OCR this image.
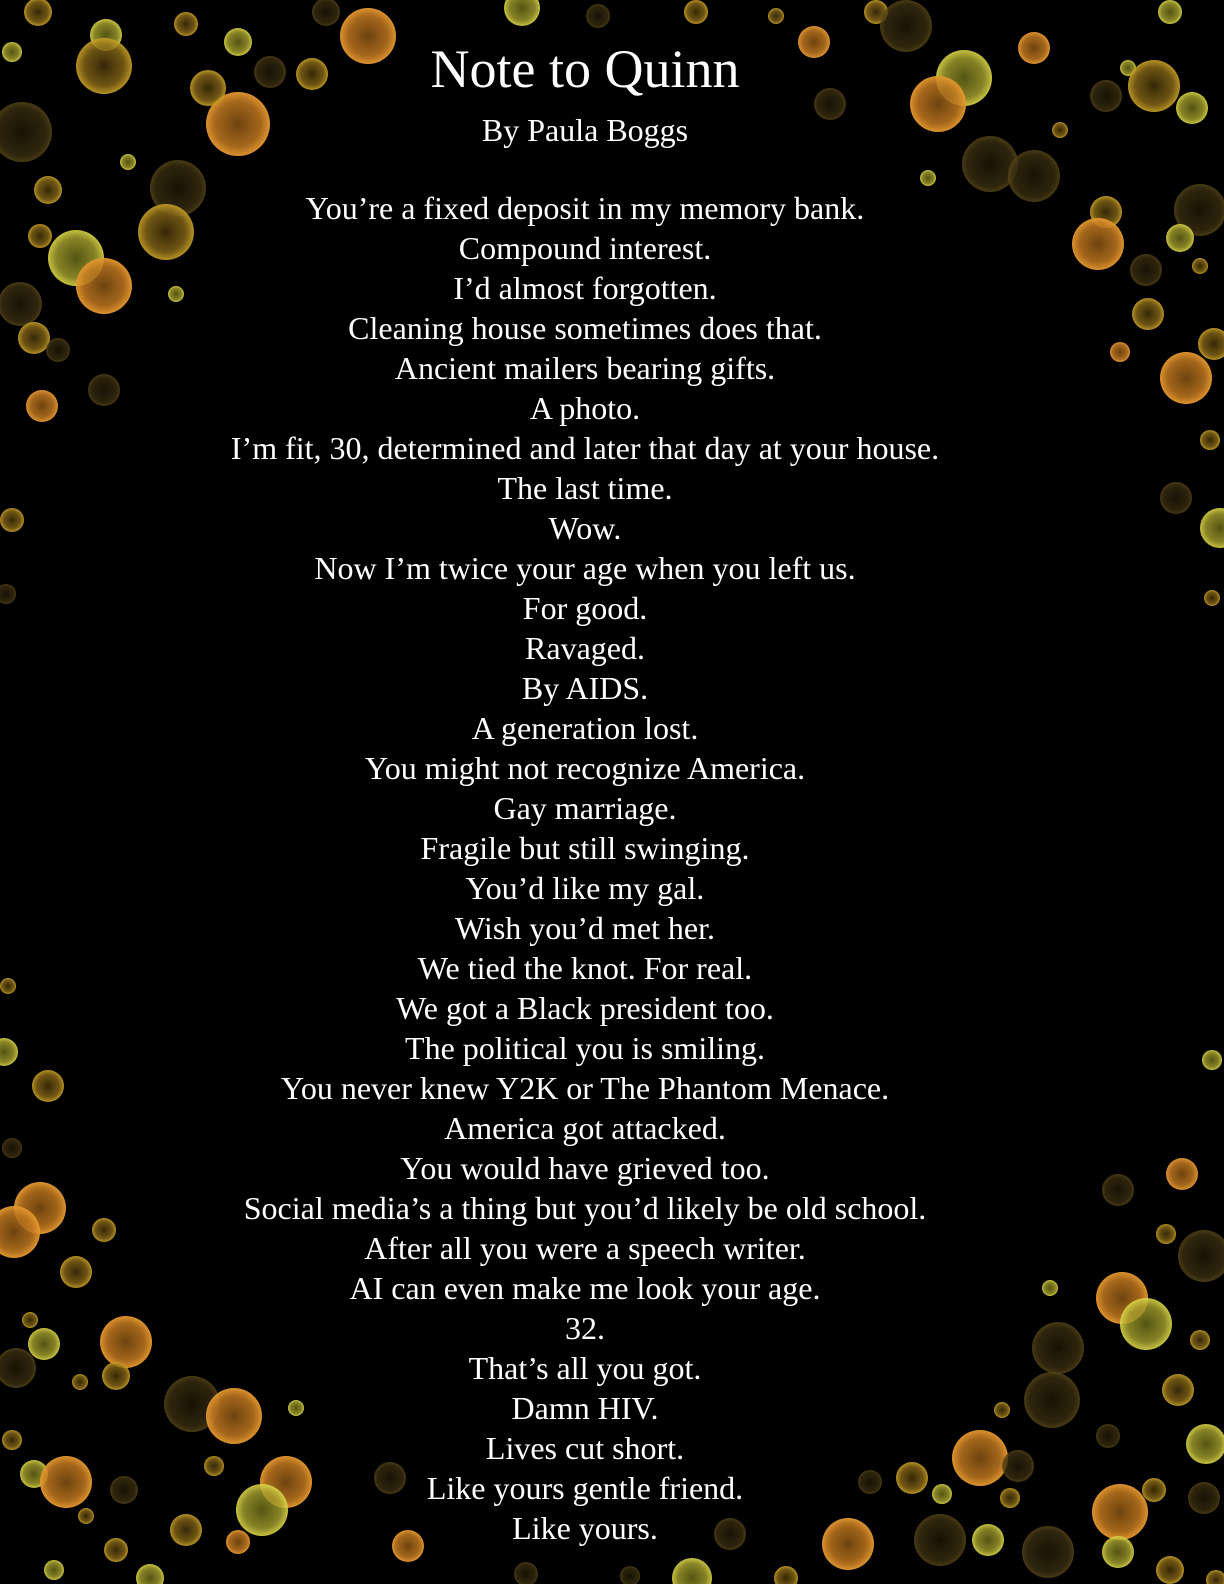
Note to Quinn
By Paula Boggs
You’re a fixed deposit in my memory bank.
Compound interest.
I’d almost forgotten.
Cleaning house sometimes does that.
Ancient mailers bearing gifts.
A photo.
I’m fit, 30, determined and later that day at your house.
The last time.
Wow.
Now I’m twice your age when you left us.
For good.
Ravaged.
By AIDS.
A generation lost.
You might not recognize America.
Gay marriage.
Fragile but still swinging.
You’d like my gal.
Wish you’d met her.
We tied the knot. For real.
We got a Black president too.
The political you is smiling.
You never knew Y2K or The Phantom Menace.
America got attacked.
You would have grieved too.
Social media’s a thing but you’d likely be old school.
After all you were a speech writer.
AI can even make me look your age.
32.
That’s all you got.
Damn HIV.
Lives cut short.
Like yours gentle friend.
Like yours.
